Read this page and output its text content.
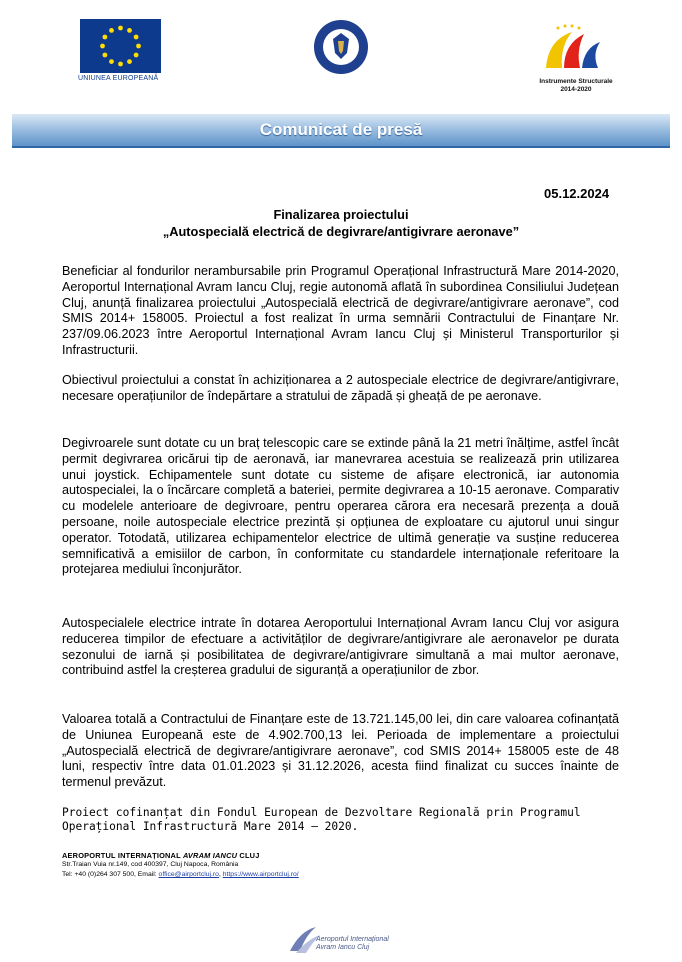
UNIUNEA EUROPEANĂ	Instrumente Structurale
2014-2020
Comunicat de presă
05.12.2024
Finalizarea proiectului
„Autospecială electrică de degivrare/antigivrare aeronave”
Beneficiar al fondurilor nerambursabile prin Programul Operațional Infrastructură Mare 2014-2020, Aeroportul Internațional Avram Iancu Cluj, regie autonomă aflată în subordinea Consiliului Județean Cluj, anunță finalizarea proiectului „Autospecială electrică de degivrare/antigivrare aeronave”, cod SMIS 2014+ 158005. Proiectul a fost realizat în urma semnării Contractului de Finanțare Nr. 237/09.06.2023 între Aeroportul Internațional Avram Iancu Cluj și Ministerul Transporturilor și Infrastructurii.
Obiectivul proiectului a constat în achiziționarea a 2 autospeciale electrice de degivrare/antigivrare, necesare operațiunilor de îndepărtare a stratului de zăpadă și gheață de pe aeronave.
Degivroarele sunt dotate cu un braț telescopic care se extinde până la 21 metri înălțime, astfel încât permit degivrarea oricărui tip de aeronavă, iar manevrarea acestuia se realizează prin utilizarea unui joystick. Echipamentele sunt dotate cu sisteme de afișare electronică, iar autonomia autospecialei, la o încărcare completă a bateriei, permite degivrarea a 10-15 aeronave. Comparativ cu modelele anterioare de degivroare, pentru operarea cărora era necesară prezența a două persoane, noile autospeciale electrice prezintă și opțiunea de exploatare cu ajutorul unui singur operator. Totodată, utilizarea echipamentelor electrice de ultimă generație va susține reducerea semnificativă a emisiilor de carbon, în conformitate cu standardele internaționale referitoare la protejarea mediului înconjurător.
Autospecialele electrice intrate în dotarea Aeroportului Internațional Avram Iancu Cluj vor asigura reducerea timpilor de efectuare a activităților de degivrare/antigivrare ale aeronavelor pe durata sezonului de iarnă și posibilitatea de degivrare/antigivrare simultană a mai multor aeronave, contribuind astfel la creșterea gradului de siguranță a operațiunilor de zbor.
Valoarea totală a Contractului de Finanțare este de 13.721.145,00 lei, din care valoarea cofinanțată de Uniunea Europeană este de 4.902.700,13 lei. Perioada de implementare a proiectului „Autospecială electrică de degivrare/antigivrare aeronave”, cod SMIS 2014+ 158005 este de 48 luni, respectiv între data 01.01.2023 și 31.12.2026, acesta fiind finalizat cu succes înainte de termenul prevăzut.
Proiect cofinanțat din Fondul European de Dezvoltare Regională prin Programul Operațional Infrastructură Mare 2014 – 2020.
AEROPORTUL INTERNAȚIONAL AVRAM IANCU CLUJ
Str.Traian Vuia nr.149, cod 400397, Cluj Napoca, România
Tel: +40 (0)264 307 500, Email: office@airportcluj.ro, https://www.airportcluj.ro/
Aeroportul Internațional
Avram Iancu Cluj
